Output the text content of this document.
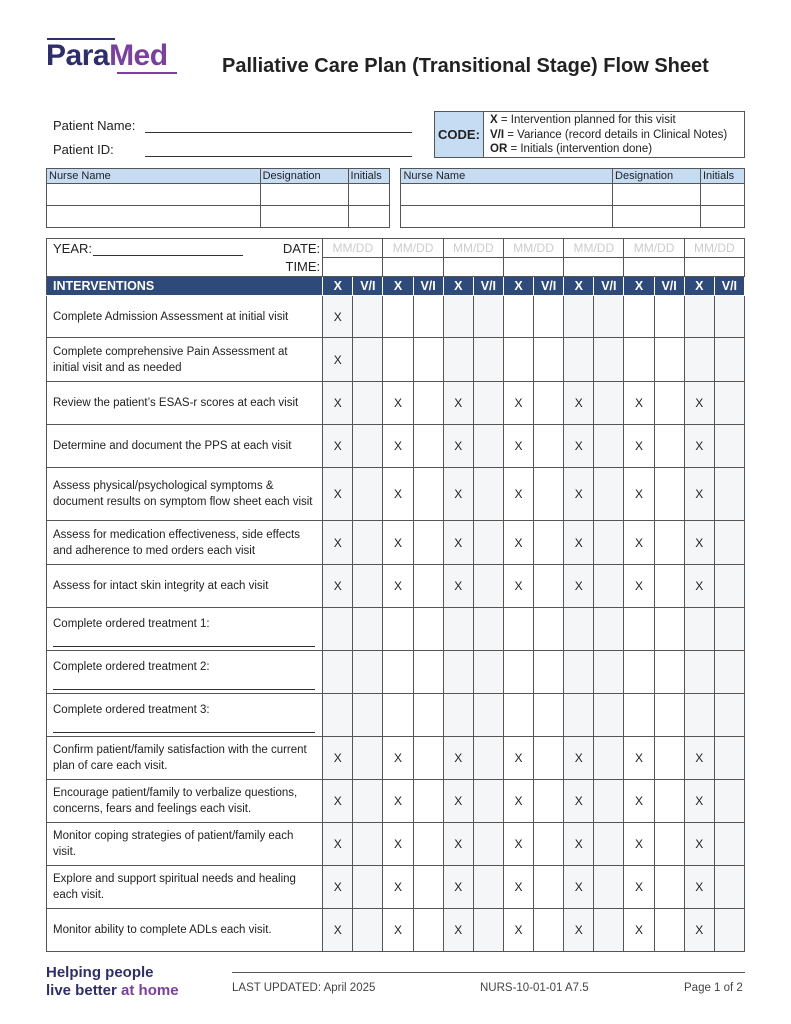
ParaMed	Palliative Care Plan (Transitional Stage) Flow Sheet
Patient Name:
Patient ID:
CODE:
X = Intervention planned for this visit
V/I = Variance (record details in Clinical Notes)
OR = Initials (intervention done)
Nurse Name	Designation	Initials		Nurse Name	Designation	Initials

YEAR:	DATE:	MM/DD		MM/DD		MM/DD		MM/DD		MM/DD		MM/DD		MM/DD	
	TIME:														
INTERVENTIONS		X	V/I	X	V/I	X	V/I	X	V/I	X	V/I	X	V/I	X	V/I

Complete Admission Assessment at initial visit		X													

Complete comprehensive Pain Assessment at initial visit and as needed		X													

Review the patient’s ESAS-r scores at each visit		X		X		X		X		X		X		X	

Determine and document the PPS at each visit		X		X		X		X		X		X		X	

Assess physical/psychological symptoms & document results on symptom flow sheet each visit		X		X		X		X		X		X		X	

Assess for medication effectiveness, side effects and adherence to med orders each visit		X		X		X		X		X		X		X	

Assess for intact skin integrity at each visit		X		X		X		X		X		X		X	

Complete ordered treatment 1:															

Complete ordered treatment 2:															

Complete ordered treatment 3:															

Confirm patient/family satisfaction with the current plan of care each visit.		X		X		X		X		X		X		X	

Encourage patient/family to verbalize questions, concerns, fears and feelings each visit.		X		X		X		X		X		X		X	

Monitor coping strategies of patient/family each visit.		X		X		X		X		X		X		X	

Explore and support spiritual needs and healing each visit.		X		X		X		X		X		X		X	

Monitor ability to complete ADLs each visit.		X		X		X		X		X		X		X	
Helping people
live better at home	LAST UPDATED: April 2025	NURS-10-01-01 A7.5	Page 1 of 2
